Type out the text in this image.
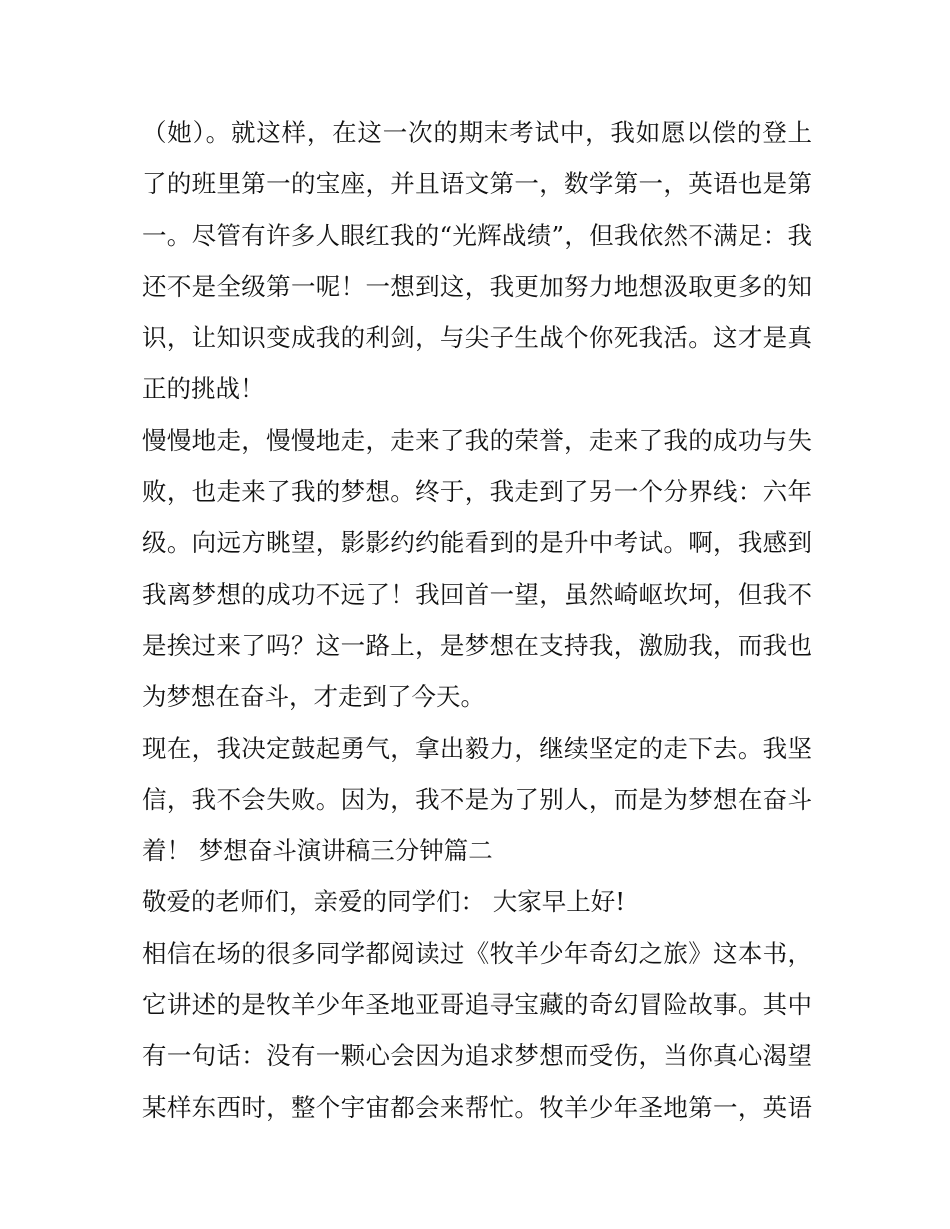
（她）。就这样，在这一次的期末考试中，我如愿以偿的登上
了的班里第一的宝座，并且语文第一，数学第一，英语也是第
一。尽管有许多人眼红我的“光辉战绩”，但我依然不满足：我
还不是全级第一呢！一想到这，我更加努力地想汲取更多的知
识，让知识变成我的利剑，与尖子生战个你死我活。这才是真
正的挑战！
慢慢地走，慢慢地走，走来了我的荣誉，走来了我的成功与失
败，也走来了我的梦想。终于，我走到了另一个分界线：六年
级。向远方眺望，影影约约能看到的是升中考试。啊，我感到
我离梦想的成功不远了！我回首一望，虽然崎岖坎坷，但我不
是挨过来了吗？这一路上，是梦想在支持我，激励我，而我也
为梦想在奋斗，才走到了今天。
现在，我决定鼓起勇气，拿出毅力，继续坚定的走下去。我坚
信，我不会失败。因为，我不是为了别人，而是为梦想在奋斗
着！ 梦想奋斗演讲稿三分钟篇二
敬爱的老师们，亲爱的同学们： 大家早上好!
相信在场的很多同学都阅读过《牧羊少年奇幻之旅》这本书，
它讲述的是牧羊少年圣地亚哥追寻宝藏的奇幻冒险故事。其中
有一句话：没有一颗心会因为追求梦想而受伤，当你真心渴望
某样东西时，整个宇宙都会来帮忙。牧羊少年圣地第一，英语
